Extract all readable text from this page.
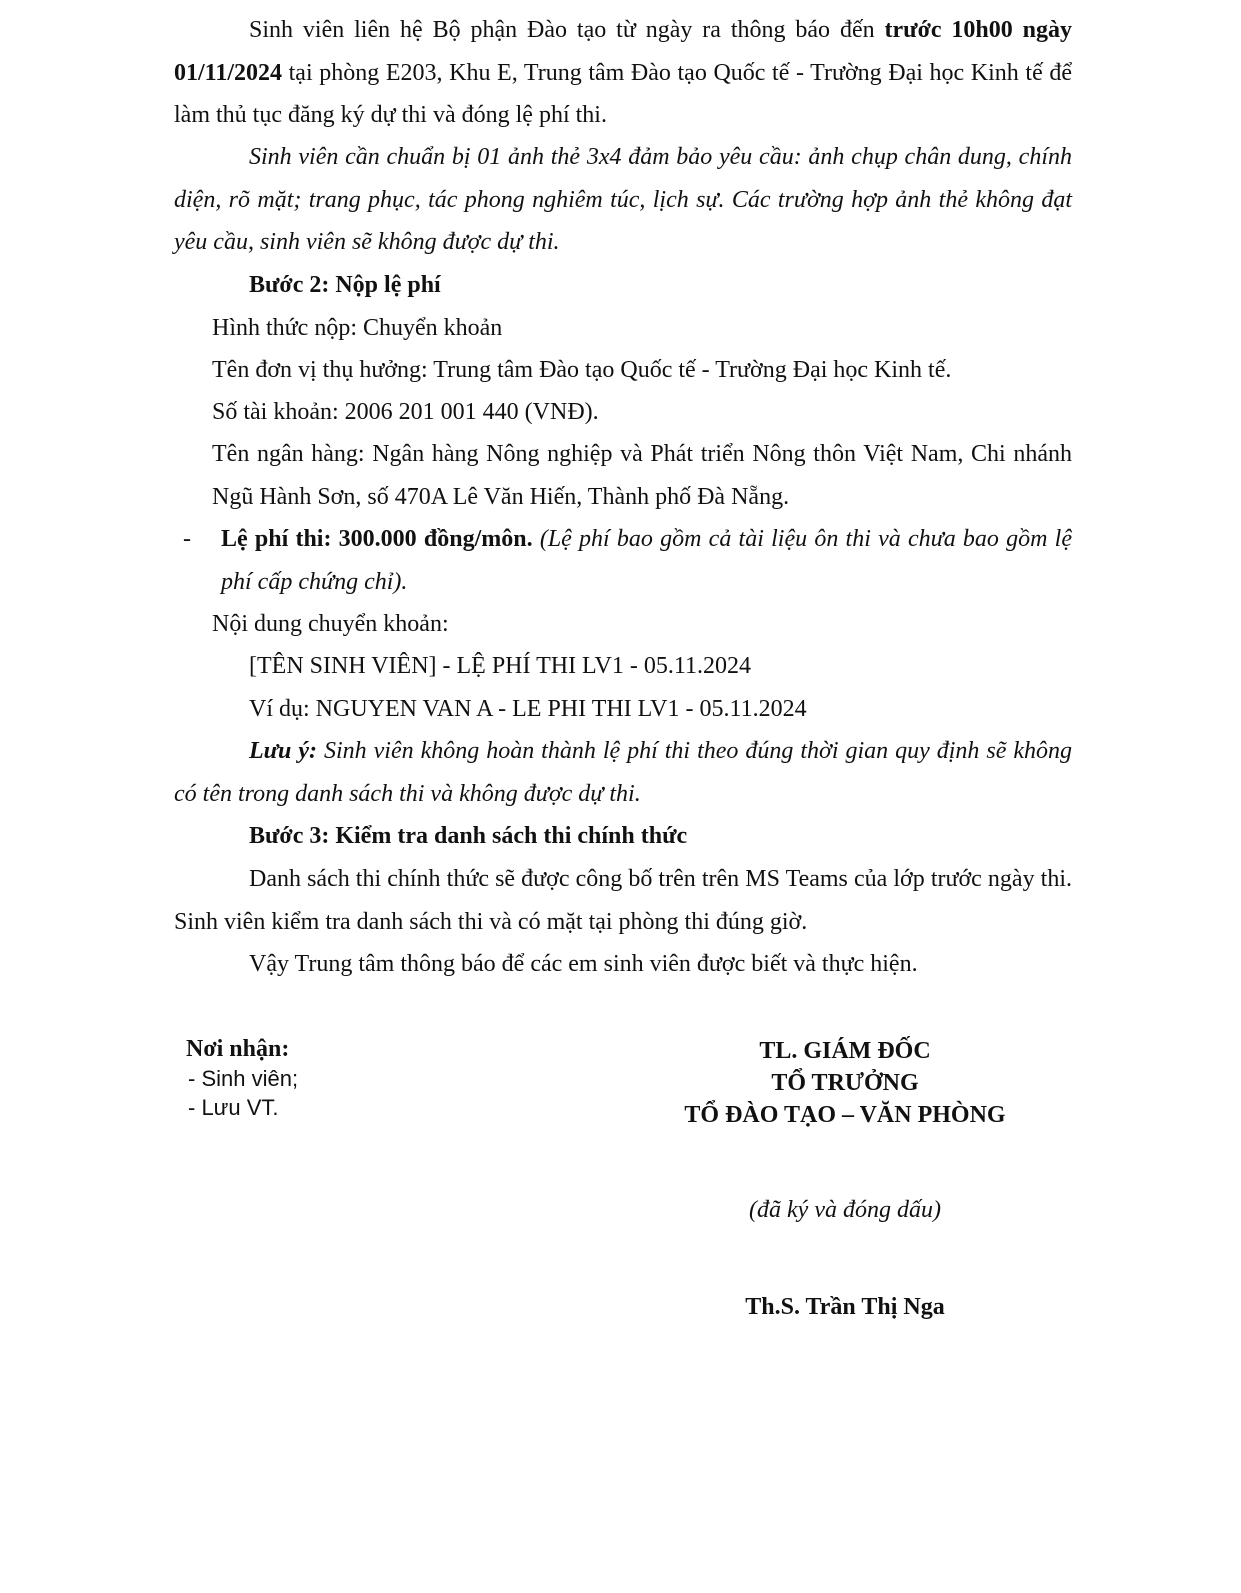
Sinh viên liên hệ Bộ phận Đào tạo từ ngày ra thông báo đến trước 10h00 ngày 01/11/2024 tại phòng E203, Khu E, Trung tâm Đào tạo Quốc tế - Trường Đại học Kinh tế để làm thủ tục đăng ký dự thi và đóng lệ phí thi.

Sinh viên cần chuẩn bị 01 ảnh thẻ 3x4 đảm bảo yêu cầu: ảnh chụp chân dung, chính diện, rõ mặt; trang phục, tác phong nghiêm túc, lịch sự. Các trường hợp ảnh thẻ không đạt yêu cầu, sinh viên sẽ không được dự thi.

Bước 2: Nộp lệ phí

Hình thức nộp: Chuyển khoản

Tên đơn vị thụ hưởng: Trung tâm Đào tạo Quốc tế - Trường Đại học Kinh tế.

Số tài khoản: 2006 201 001 440 (VNĐ).

Tên ngân hàng: Ngân hàng Nông nghiệp và Phát triển Nông thôn Việt Nam, Chi nhánh Ngũ Hành Sơn, số 470A Lê Văn Hiến, Thành phố Đà Nẵng.

- Lệ phí thi: 300.000 đồng/môn. (Lệ phí bao gồm cả tài liệu ôn thi và chưa bao gồm lệ phí cấp chứng chỉ).

Nội dung chuyển khoản:

[TÊN SINH VIÊN] - LỆ PHÍ THI LV1 - 05.11.2024

Ví dụ: NGUYEN VAN A - LE PHI THI LV1 - 05.11.2024

Lưu ý: Sinh viên không hoàn thành lệ phí thi theo đúng thời gian quy định sẽ không có tên trong danh sách thi và không được dự thi.

Bước 3: Kiểm tra danh sách thi chính thức

Danh sách thi chính thức sẽ được công bố trên trên MS Teams của lớp trước ngày thi. Sinh viên kiểm tra danh sách thi và có mặt tại phòng thi đúng giờ.

Vậy Trung tâm thông báo để các em sinh viên được biết và thực hiện.

Nơi nhận:
- Sinh viên;
- Lưu VT.
TL. GIÁM ĐỐC
TỔ TRƯỞNG
TỔ ĐÀO TẠO – VĂN PHÒNG
(đã ký và đóng dấu)
Th.S. Trần Thị Nga
